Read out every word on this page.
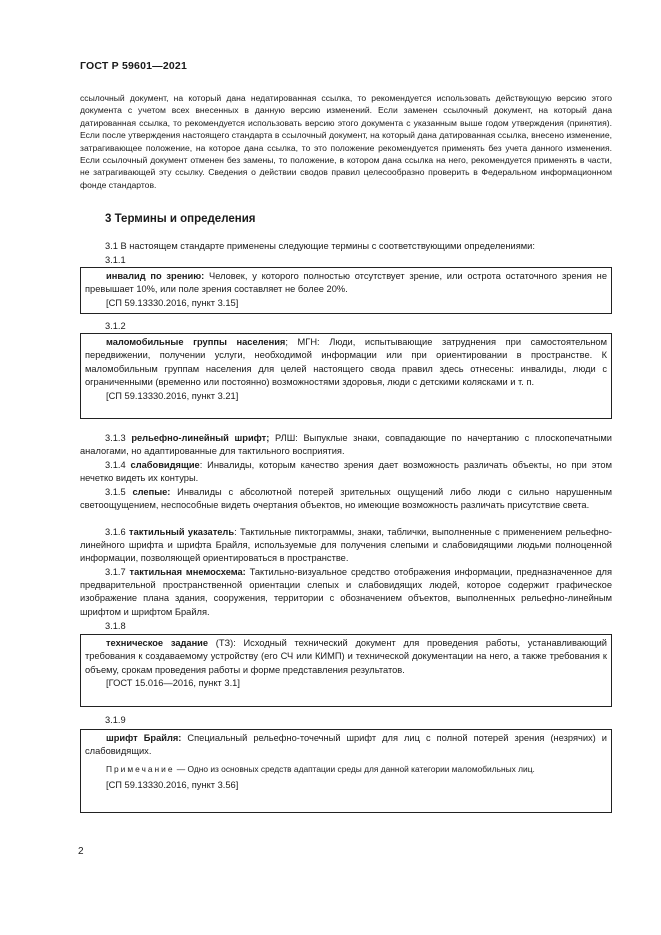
ГОСТ Р 59601—2021

ссылочный документ, на который дана недатированная ссылка, то рекомендуется использовать действующую версию этого документа с учетом всех внесенных в данную версию изменений. Если заменен ссылочный документ, на который дана датированная ссылка, то рекомендуется использовать версию этого документа с указанным выше годом утверждения (принятия). Если после утверждения настоящего стандарта в ссылочный документ, на который дана датированная ссылка, внесено изменение, затрагивающее положение, на которое дана ссылка, то это положение рекомендуется применять без учета данного изменения. Если ссылочный документ отменен без замены, то положение, в котором дана ссылка на него, рекомендуется применять в части, не затрагивающей эту ссылку. Сведения о действии сводов правил целесообразно проверить в Федеральном информационном фонде стандартов.

3 Термины и определения

3.1 В настоящем стандарте применены следующие термины с соответствующими определениями:

3.1.1

инвалид по зрению: Человек, у которого полностью отсутствует зрение, или острота остаточного зрения не превышает 10%, или поле зрения составляет не более 20%.

[СП 59.13330.2016, пункт 3.15]

3.1.2

маломобильные группы населения; МГН: Люди, испытывающие затруднения при самостоятельном передвижении, получении услуги, необходимой информации или при ориентировании в пространстве. К маломобильным группам населения для целей настоящего свода правил здесь отнесены: инвалиды, люди с ограниченными (временно или постоянно) возможностями здоровья, люди с детскими колясками и т. п.

[СП 59.13330.2016, пункт 3.21]

3.1.3 рельефно-линейный шрифт; РЛШ: Выпуклые знаки, совпадающие по начертанию с плоскопечатными аналогами, но адаптированные для тактильного восприятия.

3.1.4 слабовидящие: Инвалиды, которым качество зрения дает возможность различать объекты, но при этом нечетко видеть их контуры.

3.1.5 слепые: Инвалиды с абсолютной потерей зрительных ощущений либо люди с сильно нарушенным светоощущением, неспособные видеть очертания объектов, но имеющие возможность различать присутствие света.

3.1.6 тактильный указатель: Тактильные пиктограммы, знаки, таблички, выполненные с применением рельефно-линейного шрифта и шрифта Брайля, используемые для получения слепыми и слабовидящими людьми полноценной информации, позволяющей ориентироваться в пространстве.

3.1.7 тактильная мнемосхема: Тактильно-визуальное средство отображения информации, предназначенное для предварительной пространственной ориентации слепых и слабовидящих людей, которое содержит графическое изображение плана здания, сооружения, территории с обозначением объектов, выполненных рельефно-линейным шрифтом и шрифтом Брайля.

3.1.8

техническое задание (ТЗ): Исходный технический документ для проведения работы, устанавливающий требования к создаваемому устройству (его СЧ или КИМП) и технической документации на него, а также требования к объему, срокам проведения работы и форме представления результатов.

[ГОСТ 15.016—2016, пункт 3.1]

3.1.9

шрифт Брайля: Специальный рельефно-точечный шрифт для лиц с полной потерей зрения (незрячих) и слабовидящих.

Примечание — Одно из основных средств адаптации среды для данной категории маломобильных лиц.

[СП 59.13330.2016, пункт 3.56]

2
